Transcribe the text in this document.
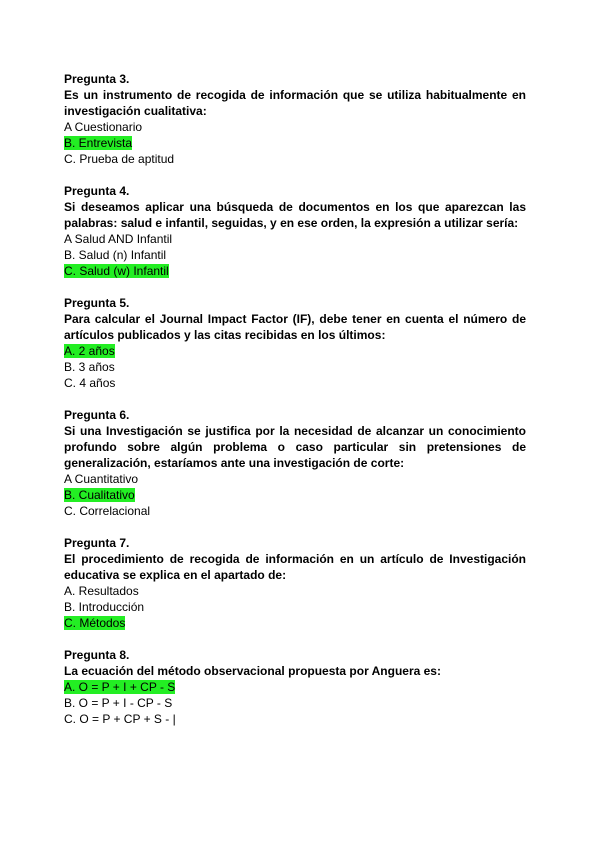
Pregunta 3.

Es un instrumento de recogida de información que se utiliza habitualmente en investigación cualitativa:

A Cuestionario
B. Entrevista
C. Prueba de aptitud

Pregunta 4.

Si deseamos aplicar una búsqueda de documentos en los que aparezcan las palabras: salud e infantil, seguidas, y en ese orden, la expresión a utilizar sería:

A Salud AND Infantil
B. Salud (n) Infantil
C. Salud (w) Infantil

Pregunta 5.

Para calcular el Journal Impact Factor (IF), debe tener en cuenta el número de artículos publicados y las citas recibidas en los últimos:

A. 2 años
B. 3 años
C. 4 años

Pregunta 6.

Si una Investigación se justifica por la necesidad de alcanzar un conocimiento profundo sobre algún problema o caso particular sin pretensiones de generalización, estaríamos ante una investigación de corte:

A Cuantitativo
B. Cualitativo
C. Correlacional

Pregunta 7.

El procedimiento de recogida de información en un artículo de Investigación educativa se explica en el apartado de:

A. Resultados
B. Introducción
C. Métodos

Pregunta 8.

La ecuación del método observacional propuesta por Anguera es:

A. O = P + I + CP - S
B. O = P + I - CP - S
C. O = P + CP + S - |
